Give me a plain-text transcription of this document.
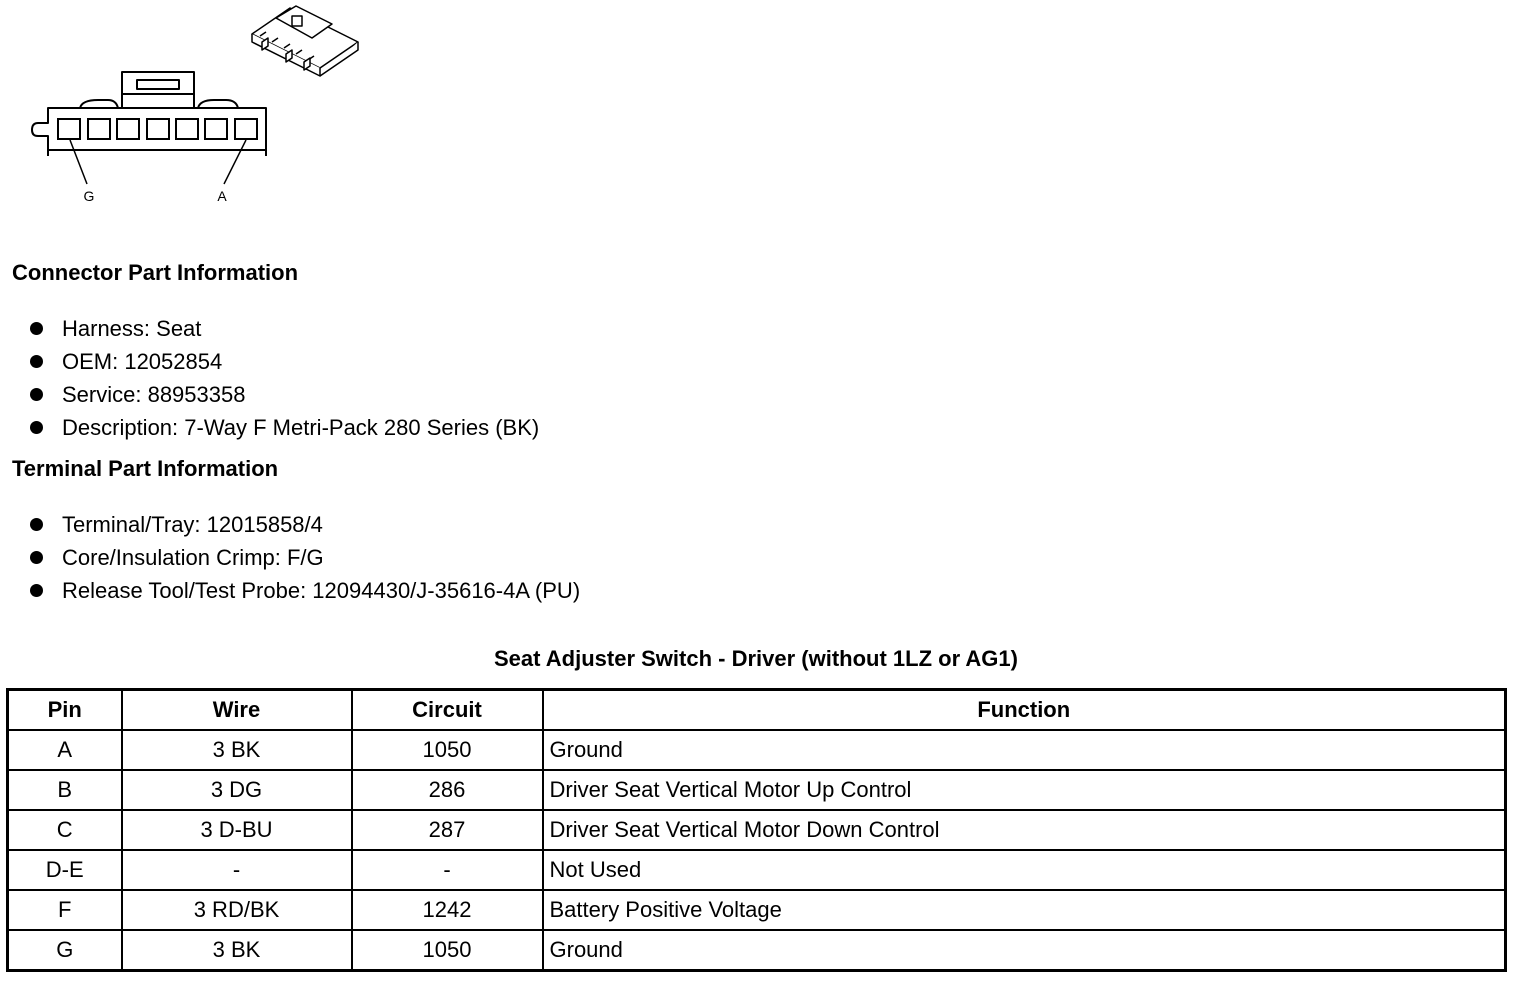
G	A
Connector Part Information
Harness: Seat
OEM: 12052854
Service: 88953358
Description: 7-Way F Metri-Pack 280 Series (BK)
Terminal Part Information
Terminal/Tray: 12015858/4
Core/Insulation Crimp: F/G
Release Tool/Test Probe: 12094430/J-35616-4A (PU)
Seat Adjuster Switch - Driver (without 1LZ or AG1)
Pin	Wire	Circuit	Function
A	3 BK	1050	Ground
B	3 DG	286	Driver Seat Vertical Motor Up Control
C	3 D-BU	287	Driver Seat Vertical Motor Down Control
D-E	-	-	Not Used
F	3 RD/BK	1242	Battery Positive Voltage
G	3 BK	1050	Ground
